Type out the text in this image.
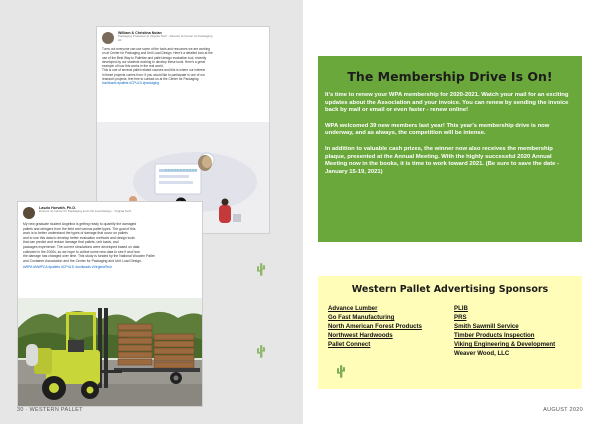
William & Christina Nolan
Packaging Professor at Virginia Tech · Director at Center for Packaging
2d
Turns out everyone can use some of the tools and resources we are working
on at Center for Packaging and Unit Load Design. Here's a detailed look at the
use of the Best Way to Palletize and pallet design evaluation tool, recently
developed by our students working to develop these tools. Here's a great
example of how this works in the real world.
This is one of several pallet related courses and this is where our interest
in these projects comes from. If you would like to participate in one of our
research projects, feel free to contact us at the Center for Packaging.
#unitloads #pallets #CPULD #packaging
Laszlo Horvath, Ph.D.
Director at Center for Packaging and Unit Load Design · Virginia Tech
My new graduate student Angelina is getting ready to quantify the damaged
pallets and stringers from the field and various pallet types. The goal of this
work is to better understand the types of damage that occur on pallets
and to use this data to develop better evaluation methods and design tools
that can predict and reduce damage that pallets, unit loads, and
packages experience. The current simulations were developed based on data
collected in the 2000s, so we hope to collect some new data to see if and how
the damage has changed over time. This study is funded by the National Wooden Pallet
and Container Association and the Center for Packaging and Unit Load Design.
#WPA #NWPCA #pallets #CPULD #unitloads #VirginiaTech
30 · WESTERN PALLET
The Membership Drive Is On!

It's time to renew your WPA membership for 2020-2021. Watch your mail for an exciting updates about the Association and your invoice. You can renew by sending the invoice back by mail or email or even faster - renew online!

WPA welcomed 39 new members last year! This year's membership drive is now underway, and as always, the competition will be intense.

In addition to valuable cash prizes, the winner now also receives the membership plaque, presented at the Annual Meeting. With the highly successful 2020 Annual Meeting now in the books, it is time to work toward 2021. (Be sure to save the date - January 15-19, 2021)

Western Pallet Advertising Sponsors
Advance Lumber
Go Fast Manufacturing
North American Forest Products
Northwest Hardwoods
Pallet Connect
PLIB
PRS
Smith Sawmill Service
Timber Products Inspection
Viking Engineering & Development
Weaver Wood, LLC
AUGUST 2020
